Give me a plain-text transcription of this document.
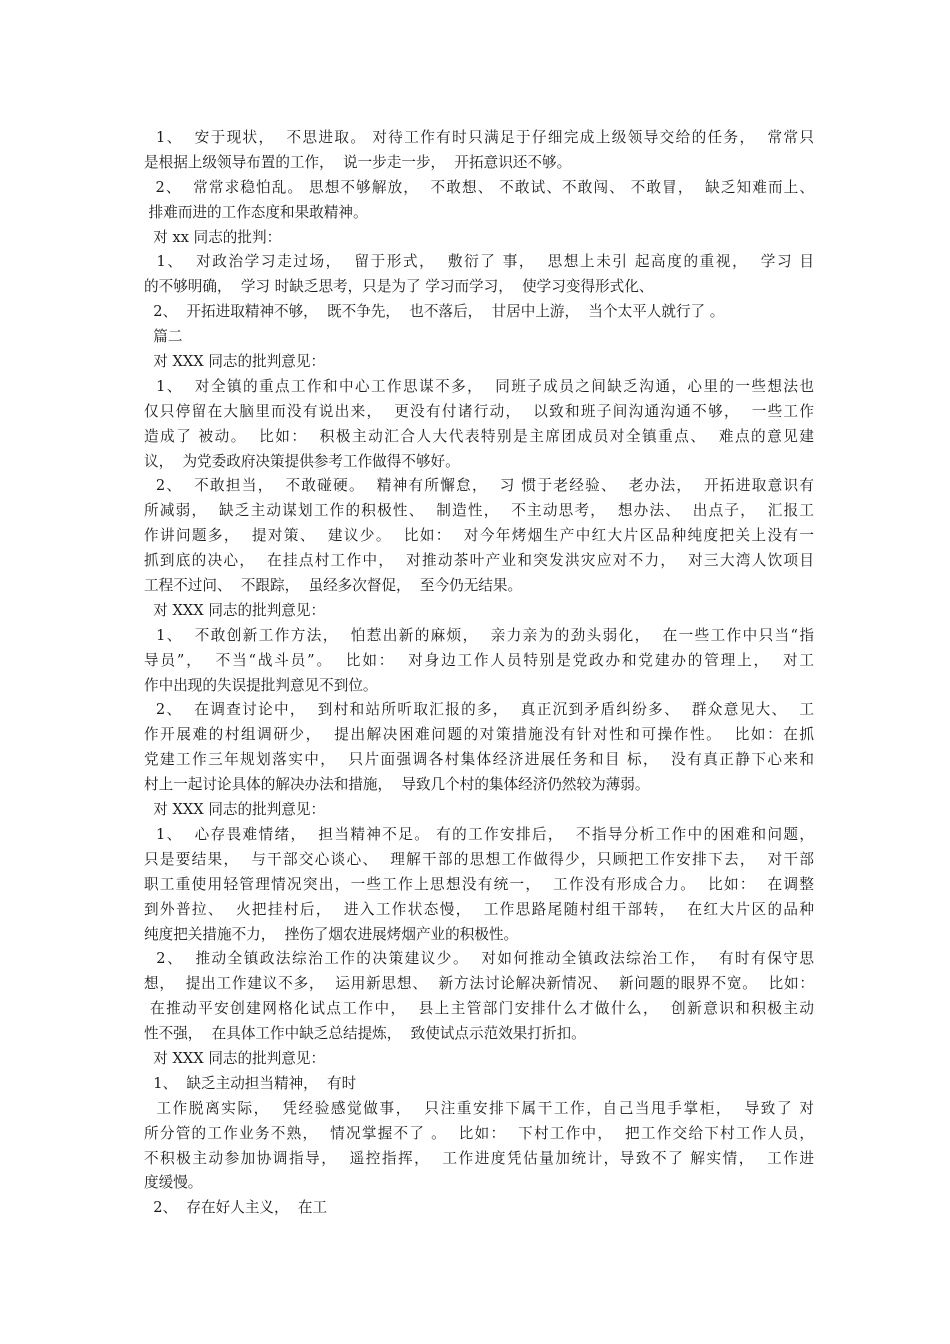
1、  安于现状，  不思进取。 对待工作有时只满足于仔细完成上级领导交给的任务，  常常只
是根据上级领导布置的工作，  说一步走一步，  开拓意识还不够。
2、  常常求稳怕乱。 思想不够解放，  不敢想、 不敢试、不敢闯、 不敢冒，  缺乏知难而上、
排难而进的工作态度和果敢精神。
对 xx 同志的批判：
1、  对政治学习走过场，  留于形式，  敷衍了 事，  思想上未引 起高度的重视，  学习 目
的不够明确，  学习 时缺乏思考，只是为了 学习而学习，  使学习变得形式化、
2、  开拓进取精神不够，  既不争先，  也不落后，  甘居中上游，  当个太平人就行了 。
篇二
对 XXX 同志的批判意见：
1、  对全镇的重点工作和中心工作思谋不多，  同班子成员之间缺乏沟通，心里的一些想法也
仅只停留在大脑里而没有说出来，  更没有付诸行动，  以致和班子间沟通沟通不够，  一些工作
造成了 被动。  比如：  积极主动汇合人大代表特别是主席团成员对全镇重点、  难点的意见建
议，  为党委政府决策提供参考工作做得不够好。
2、  不敢担当，  不敢碰硬。  精神有所懈怠，  习 惯于老经验、  老办法，  开拓进取意识有
所减弱，  缺乏主动谋划工作的积极性、  制造性，  不主动思考，  想办法、  出点子，  汇报工
作讲问题多，  提对策、  建议少。  比如：  对今年烤烟生产中红大片区品种纯度把关上没有一
抓到底的决心，  在挂点村工作中，  对推动茶叶产业和突发洪灾应对不力，  对三大湾人饮项目
工程不过问、  不跟踪，  虽经多次督促，  至今仍无结果。
对 XXX 同志的批判意见：
1、  不敢创新工作方法，  怕惹出新的麻烦，  亲力亲为的劲头弱化，  在一些工作中只当“指
导员”，  不当“战斗员”。  比如：  对身边工作人员特别是党政办和党建办的管理上，  对工
作中出现的失误提批判意见不到位。
2、  在调查讨论中，  到村和站所听取汇报的多，  真正沉到矛盾纠纷多、  群众意见大、  工
作开展难的村组调研少，  提出解决困难问题的对策措施没有针对性和可操作性。  比如：在抓
党建工作三年规划落实中，  只片面强调各村集体经济进展任务和目 标，  没有真正静下心来和
村上一起讨论具体的解决办法和措施，  导致几个村的集体经济仍然较为薄弱。
对 XXX 同志的批判意见：
1、  心存畏难情绪，  担当精神不足。 有的工作安排后，  不指导分析工作中的困难和问题，
只是要结果，  与干部交心谈心、  理解干部的思想工作做得少，只顾把工作安排下去，  对干部
职工重使用轻管理情况突出，一些工作上思想没有统一，  工作没有形成合力。  比如：  在调整
到外普拉、  火把挂村后，  进入工作状态慢，  工作思路尾随村组干部转，  在红大片区的品种
纯度把关措施不力，  挫伤了烟农进展烤烟产业的积极性。
2、  推动全镇政法综治工作的决策建议少。  对如何推动全镇政法综治工作，  有时有保守思
想，  提出工作建议不多，  运用新思想、  新方法讨论解决新情况、  新问题的眼界不宽。  比如：
在推动平安创建网格化试点工作中，  县上主管部门安排什么才做什么，  创新意识和积极主动
性不强，  在具体工作中缺乏总结提炼，  致使试点示范效果打折扣。
对 XXX 同志的批判意见：
1、  缺乏主动担当精神，  有时
工作脱离实际，  凭经验感觉做事，  只注重安排下属干工作，自己当甩手掌柜，  导致了 对
所分管的工作业务不熟，  情况掌握不了 。  比如：  下村工作中，  把工作交给下村工作人员，
不积极主动参加协调指导，  遥控指挥，  工作进度凭估量加统计，导致不了 解实情，  工作进
度缓慢。
2、  存在好人主义，  在工
